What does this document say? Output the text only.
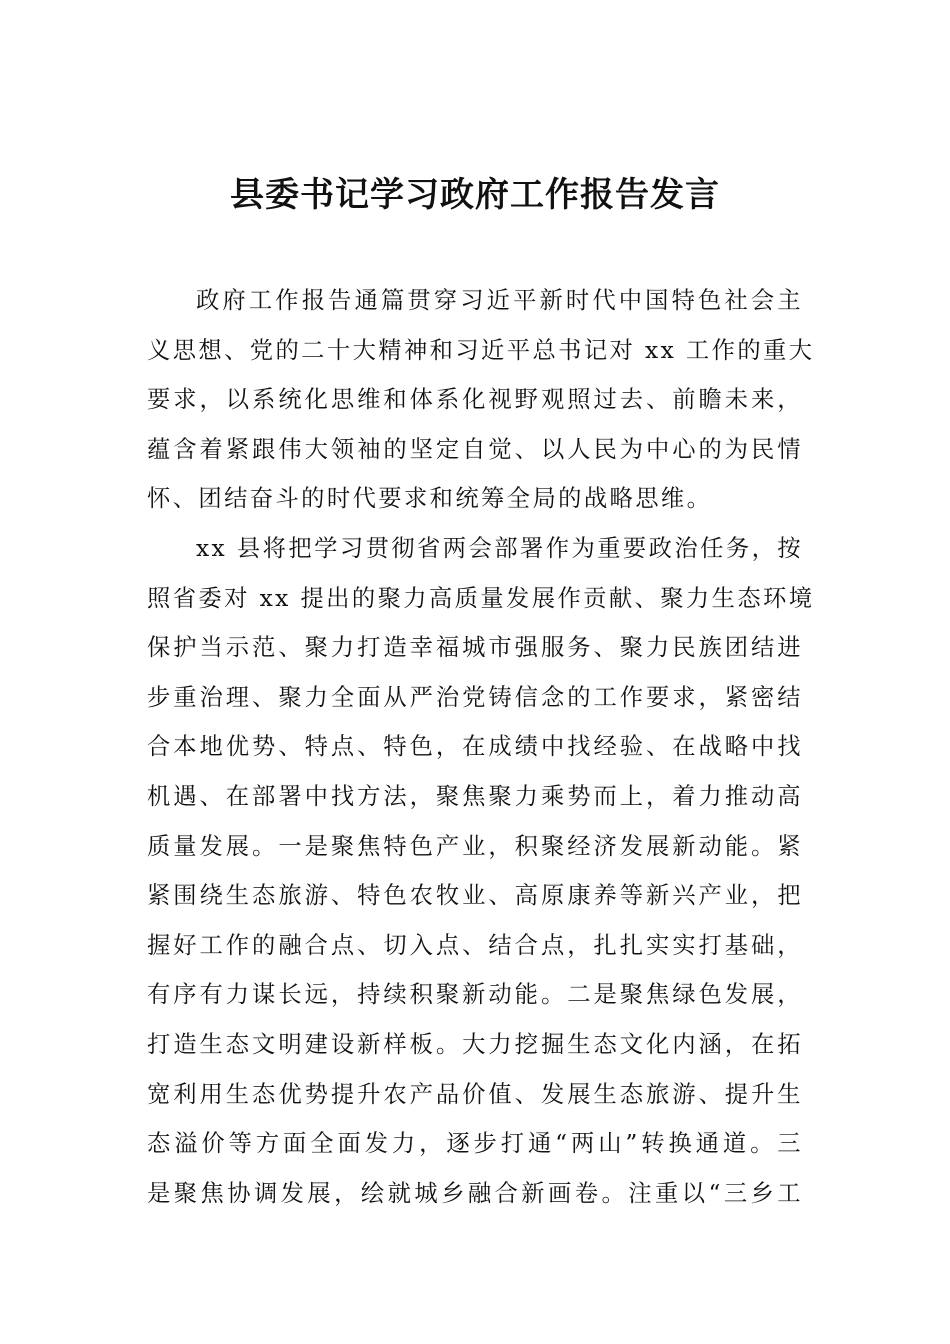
县委书记学习政府工作报告发言
政府工作报告通篇贯穿习近平新时代中国特色社会主
义思想、党的二十大精神和习近平总书记对 xx 工作的重大
要求，以系统化思维和体系化视野观照过去、前瞻未来，
蕴含着紧跟伟大领袖的坚定自觉、以人民为中心的为民情
怀、团结奋斗的时代要求和统筹全局的战略思维。
xx 县将把学习贯彻省两会部署作为重要政治任务，按
照省委对 xx 提出的聚力高质量发展作贡献、聚力生态环境
保护当示范、聚力打造幸福城市强服务、聚力民族团结进
步重治理、聚力全面从严治党铸信念的工作要求，紧密结
合本地优势、特点、特色，在成绩中找经验、在战略中找
机遇、在部署中找方法，聚焦聚力乘势而上，着力推动高
质量发展。一是聚焦特色产业，积聚经济发展新动能。紧
紧围绕生态旅游、特色农牧业、高原康养等新兴产业，把
握好工作的融合点、切入点、结合点，扎扎实实打基础，
有序有力谋长远，持续积聚新动能。二是聚焦绿色发展，
打造生态文明建设新样板。大力挖掘生态文化内涵，在拓
宽利用生态优势提升农产品价值、发展生态旅游、提升生
态溢价等方面全面发力，逐步打通“两山”转换通道。三
是聚焦协调发展，绘就城乡融合新画卷。注重以“三乡工
